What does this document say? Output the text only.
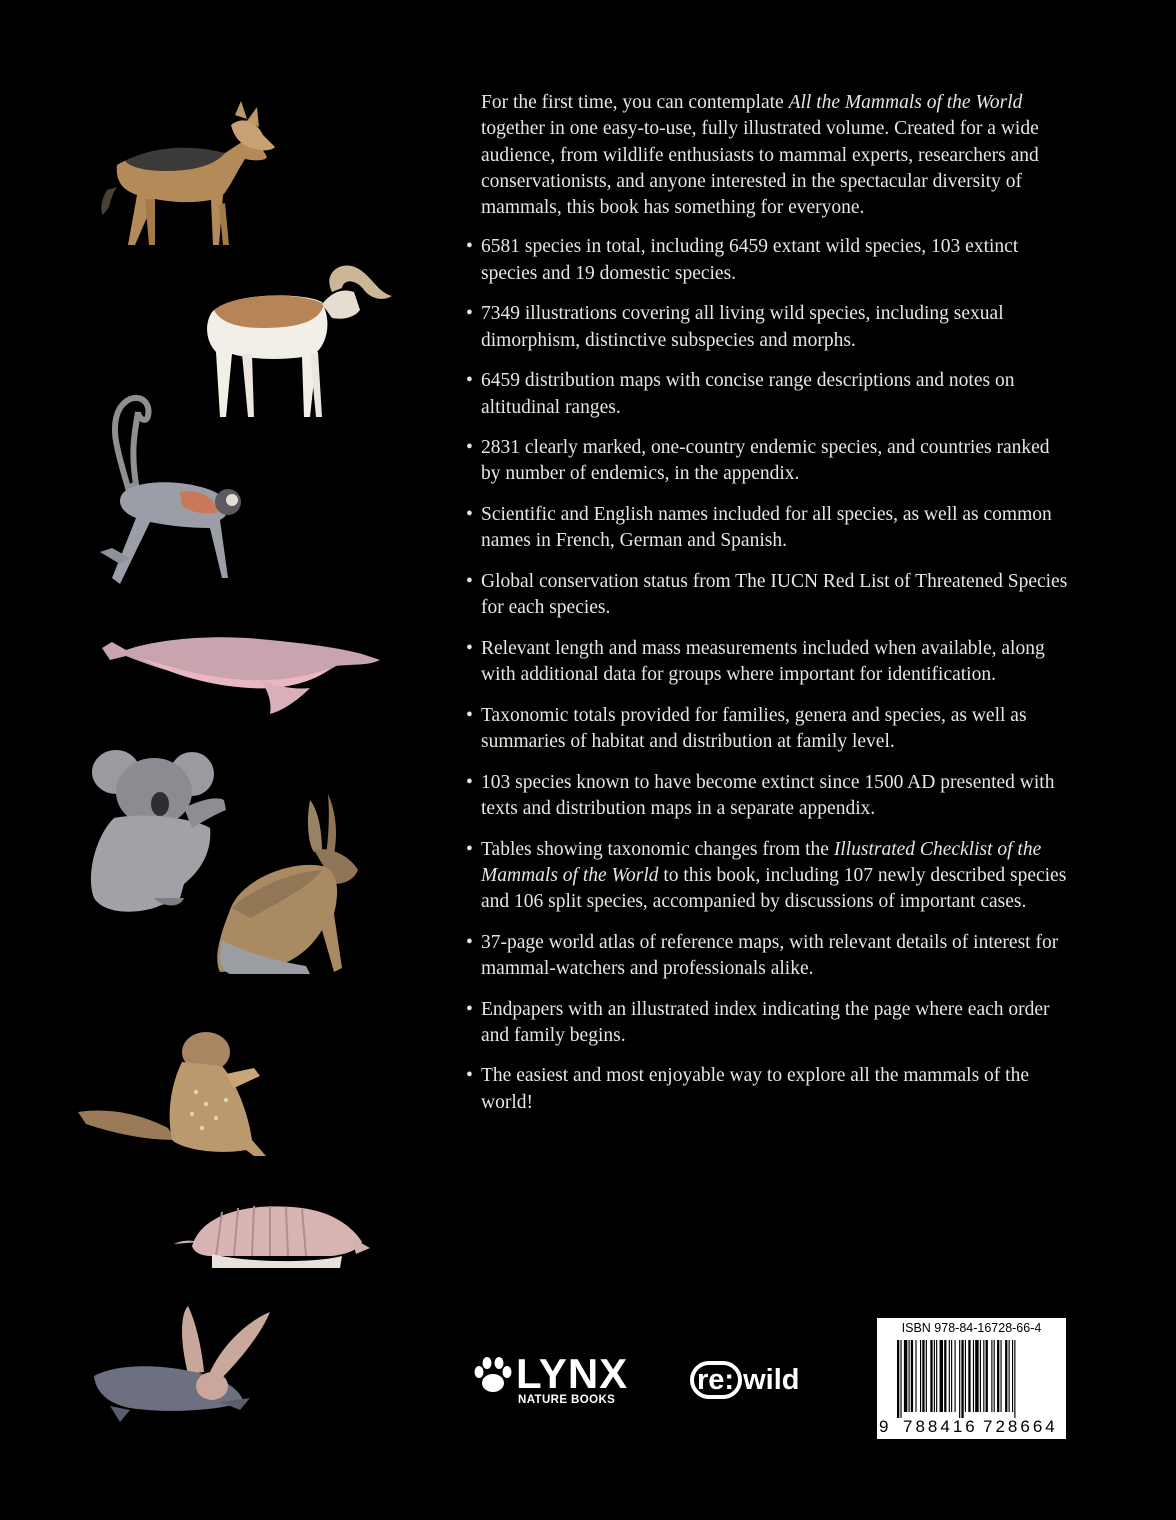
For the first time, you can contemplate All the Mammals of the World together in one easy-to-use, fully illustrated volume. Created for a wide audience, from wildlife enthusiasts to mammal experts, researchers and conservationists, and anyone interested in the spectacular diversity of mammals, this book has something for everyone.

• 6581 species in total, including 6459 extant wild species, 103 extinct species and 19 domestic species.
• 7349 illustrations covering all living wild species, including sexual dimorphism, distinctive subspecies and morphs.
• 6459 distribution maps with concise range descriptions and notes on altitudinal ranges.
• 2831 clearly marked, one-country endemic species, and countries ranked by number of endemics, in the appendix.
• Scientific and English names included for all species, as well as common names in French, German and Spanish.
• Global conservation status from The IUCN Red List of Threatened Species for each species.
• Relevant length and mass measurements included when available, along with additional data for groups where important for identification.
• Taxonomic totals provided for families, genera and species, as well as summaries of habitat and distribution at family level.
• 103 species known to have become extinct since 1500 AD presented with texts and distribution maps in a separate appendix.
• Tables showing taxonomic changes from the Illustrated Checklist of the Mammals of the World to this book, including 107 newly described species and 106 split species, accompanied by discussions of important cases.
• 37-page world atlas of reference maps, with relevant details of interest for mammal-watchers and professionals alike.
• Endpapers with an illustrated index indicating the page where each order and family begins.
• The easiest and most enjoyable way to explore all the mammals of the world!
LYNX
NATURE BOOKS
re: wild
ISBN 978-84-16728-66-4
9 788416 728664
